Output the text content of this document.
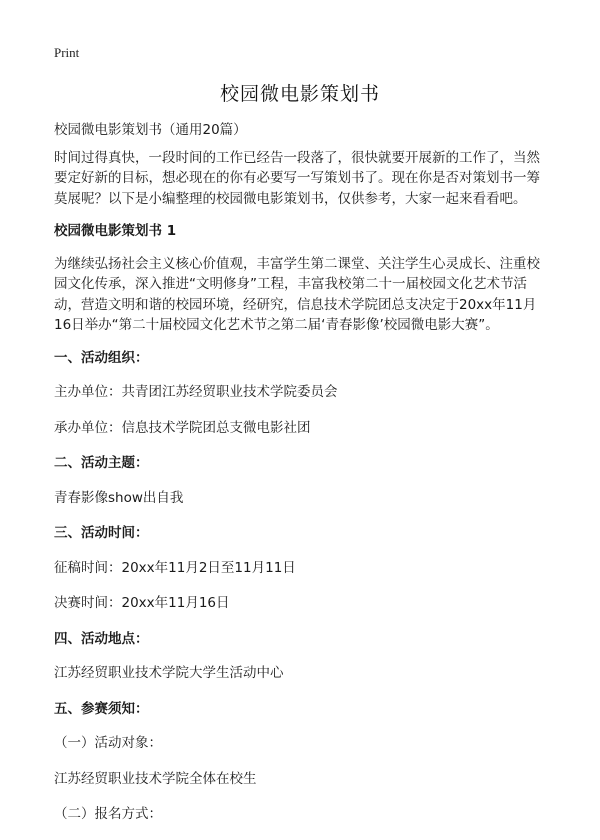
Print
校园微电影策划书

校园微电影策划书（通用20篇）

时间过得真快，一段时间的工作已经告一段落了，很快就要开展新的工作了，当然要定好新的目标，想必现在的你有必要写一写策划书了。现在你是否对策划书一筹莫展呢？以下是小编整理的校园微电影策划书，仅供参考，大家一起来看看吧。

校园微电影策划书 1

为继续弘扬社会主义核心价值观，丰富学生第二课堂、关注学生心灵成长、注重校园文化传承，深入推进“文明修身”工程，丰富我校第二十一届校园文化艺术节活动，营造文明和谐的校园环境，经研究，信息技术学院团总支决定于20xx年11月16日举办“第二十届校园文化艺术节之第二届‘青春影像’校园微电影大赛”。

一、活动组织：

主办单位：共青团江苏经贸职业技术学院委员会

承办单位：信息技术学院团总支微电影社团

二、活动主题：

青春影像show出自我

三、活动时间：

征稿时间：20xx年11月2日至11月11日

决赛时间：20xx年11月16日

四、活动地点：

江苏经贸职业技术学院大学生活动中心

五、参赛须知：

（一）活动对象：

江苏经贸职业技术学院全体在校生

（二）报名方式：
